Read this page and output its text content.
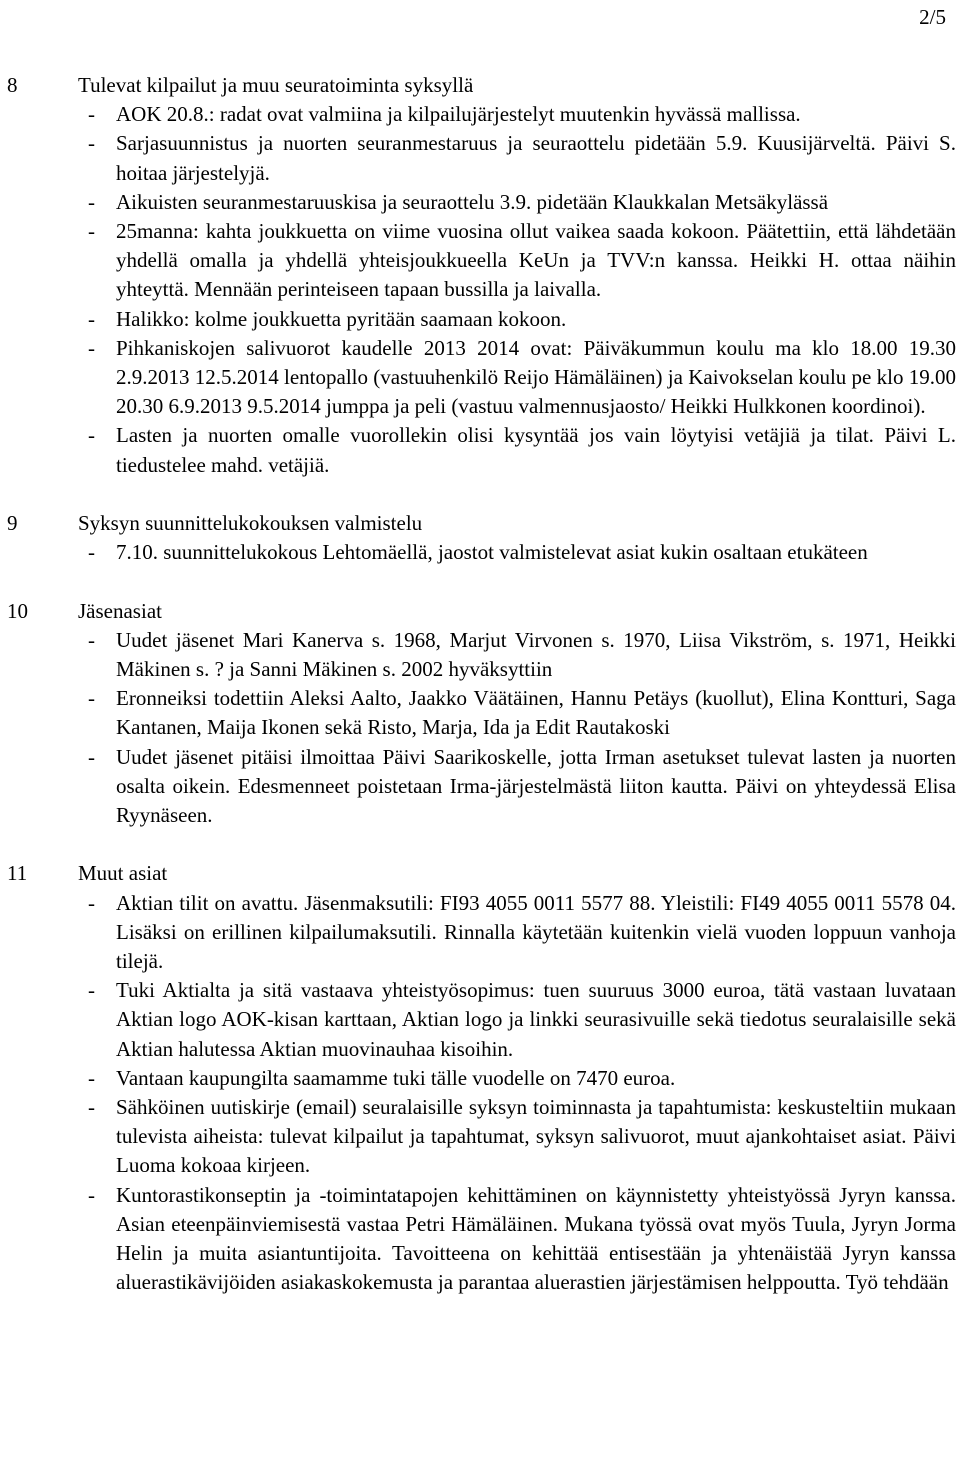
2/5
8	Tulevat kilpailut ja muu seuratoiminta syksyllä
- AOK 20.8.: radat ovat valmiina ja kilpailujärjestelyt muutenkin hyvässä mallissa.
- Sarjasuunnistus ja nuorten seuranmestaruus ja seuraottelu pidetään 5.9. Kuusijärveltä. Päivi S. hoitaa järjestelyjä.
- Aikuisten seuranmestaruuskisa ja seuraottelu 3.9. pidetään Klaukkalan Metsäkylässä
- 25manna: kahta joukkuetta on viime vuosina ollut vaikea saada kokoon. Päätettiin, että lähdetään yhdellä omalla ja yhdellä yhteisjoukkueella KeUn ja TVV:n kanssa. Heikki H. ottaa näihin yhteyttä. Mennään perinteiseen tapaan bussilla ja laivalla.
- Halikko: kolme joukkuetta pyritään saamaan kokoon.
- Pihkaniskojen salivuorot kaudelle 2013 2014 ovat: Päiväkummun koulu ma klo 18.00 19.30 2.9.2013 12.5.2014 lentopallo (vastuuhenkilö Reijo Hämäläinen) ja Kaivokselan koulu pe klo 19.00 20.30 6.9.2013 9.5.2014 jumppa ja peli (vastuu valmennusjaosto/ Heikki Hulkkonen koordinoi).
- Lasten ja nuorten omalle vuorollekin olisi kysyntää jos vain löytyisi vetäjiä ja tilat. Päivi L. tiedustelee mahd. vetäjiä.
9	Syksyn suunnittelukokouksen valmistelu
- 7.10. suunnittelukokous Lehtomäellä, jaostot valmistelevat asiat kukin osaltaan etukäteen
10	Jäsenasiat
- Uudet jäsenet Mari Kanerva s. 1968, Marjut Virvonen s. 1970, Liisa Vikström, s. 1971, Heikki Mäkinen s. ? ja Sanni Mäkinen s. 2002 hyväksyttiin
- Eronneiksi todettiin Aleksi Aalto, Jaakko Väätäinen, Hannu Petäys (kuollut), Elina Kontturi, Saga Kantanen, Maija Ikonen sekä Risto, Marja, Ida ja Edit Rautakoski
- Uudet jäsenet pitäisi ilmoittaa Päivi Saarikoskelle, jotta Irman asetukset tulevat lasten ja nuorten osalta oikein. Edesmenneet poistetaan Irma-järjestelmästä liiton kautta. Päivi on yhteydessä Elisa Ryynäseen.
11	Muut asiat
- Aktian tilit on avattu. Jäsenmaksutili: FI93 4055 0011 5577 88. Yleistili: FI49 4055 0011 5578 04. Lisäksi on erillinen kilpailumaksutili. Rinnalla käytetään kuitenkin vielä vuoden loppuun vanhoja tilejä.
- Tuki Aktialta ja sitä vastaava yhteistyösopimus: tuen suuruus 3000 euroa, tätä vastaan luvataan Aktian logo AOK-kisan karttaan, Aktian logo ja linkki seurasivuille sekä tiedotus seuralaisille sekä Aktian halutessa Aktian muovinauhaa kisoihin.
- Vantaan kaupungilta saamamme tuki tälle vuodelle on 7470 euroa.
- Sähköinen uutiskirje (email) seuralaisille syksyn toiminnasta ja tapahtumista: keskusteltiin mukaan tulevista aiheista: tulevat kilpailut ja tapahtumat, syksyn salivuorot, muut ajankohtaiset asiat. Päivi Luoma kokoaa kirjeen.
- Kuntorastikonseptin ja -toimintatapojen kehittäminen on käynnistetty yhteistyössä Jyryn kanssa. Asian eteenpäinviemisestä vastaa Petri Hämäläinen. Mukana työssä ovat myös Tuula, Jyryn Jorma Helin ja muita asiantuntijoita. Tavoitteena on kehittää entisestään ja yhtenäistää Jyryn kanssa aluerastikävijöiden asiakaskokemusta ja parantaa aluerastien järjestämisen helppoutta. Työ tehdään
